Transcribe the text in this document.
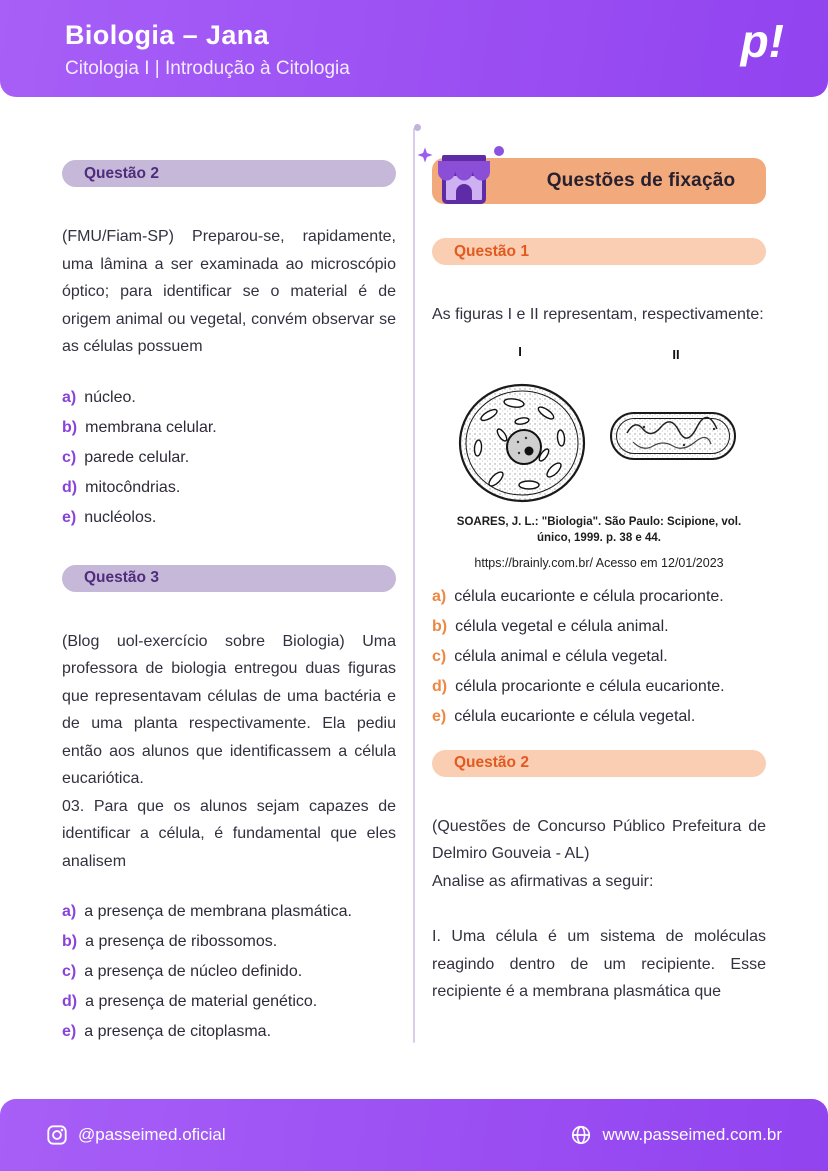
Biologia – Jana
Citologia I | Introdução à Citologia
p!
Questão 2

(FMU/Fiam-SP) Preparou-se, rapidamente, uma lâmina a ser examinada ao microscópio óptico; para identificar se o material é de origem animal ou vegetal, convém observar se as células possuem

a) núcleo.
b) membrana celular.
c) parede celular.
d) mitocôndrias.
e) nucléolos.
Questão 3

(Blog uol-exercício sobre Biologia) Uma professora de biologia entregou duas figuras que representavam células de uma bactéria e de uma planta respectivamente. Ela pediu então aos alunos que identificassem a célula eucariótica.

03. Para que os alunos sejam capazes de identificar a célula, é fundamental que eles analisem

a) a presença de membrana plasmática.
b) a presença de ribossomos.
c) a presença de núcleo definido.
d) a presença de material genético.
e) a presença de citoplasma.
Questões de fixação
Questão 1

As figuras I e II representam, respectivamente:

I	II
SOARES, J. L.: "Biologia". São Paulo: Scipione, vol. único, 1999. p. 38 e 44.
https://brainly.com.br/ Acesso em 12/01/2023
a) célula eucarionte e célula procarionte.
b) célula vegetal e célula animal.
c) célula animal e célula vegetal.
d) célula procarionte e célula eucarionte.
e) célula eucarionte e célula vegetal.
Questão 2

(Questões de Concurso Público Prefeitura de Delmiro Gouveia - AL)

Analise as afirmativas a seguir:

I. Uma célula é um sistema de moléculas reagindo dentro de um recipiente. Esse recipiente é a membrana plasmática que

@passeimed.oficial	www.passeimed.com.br
